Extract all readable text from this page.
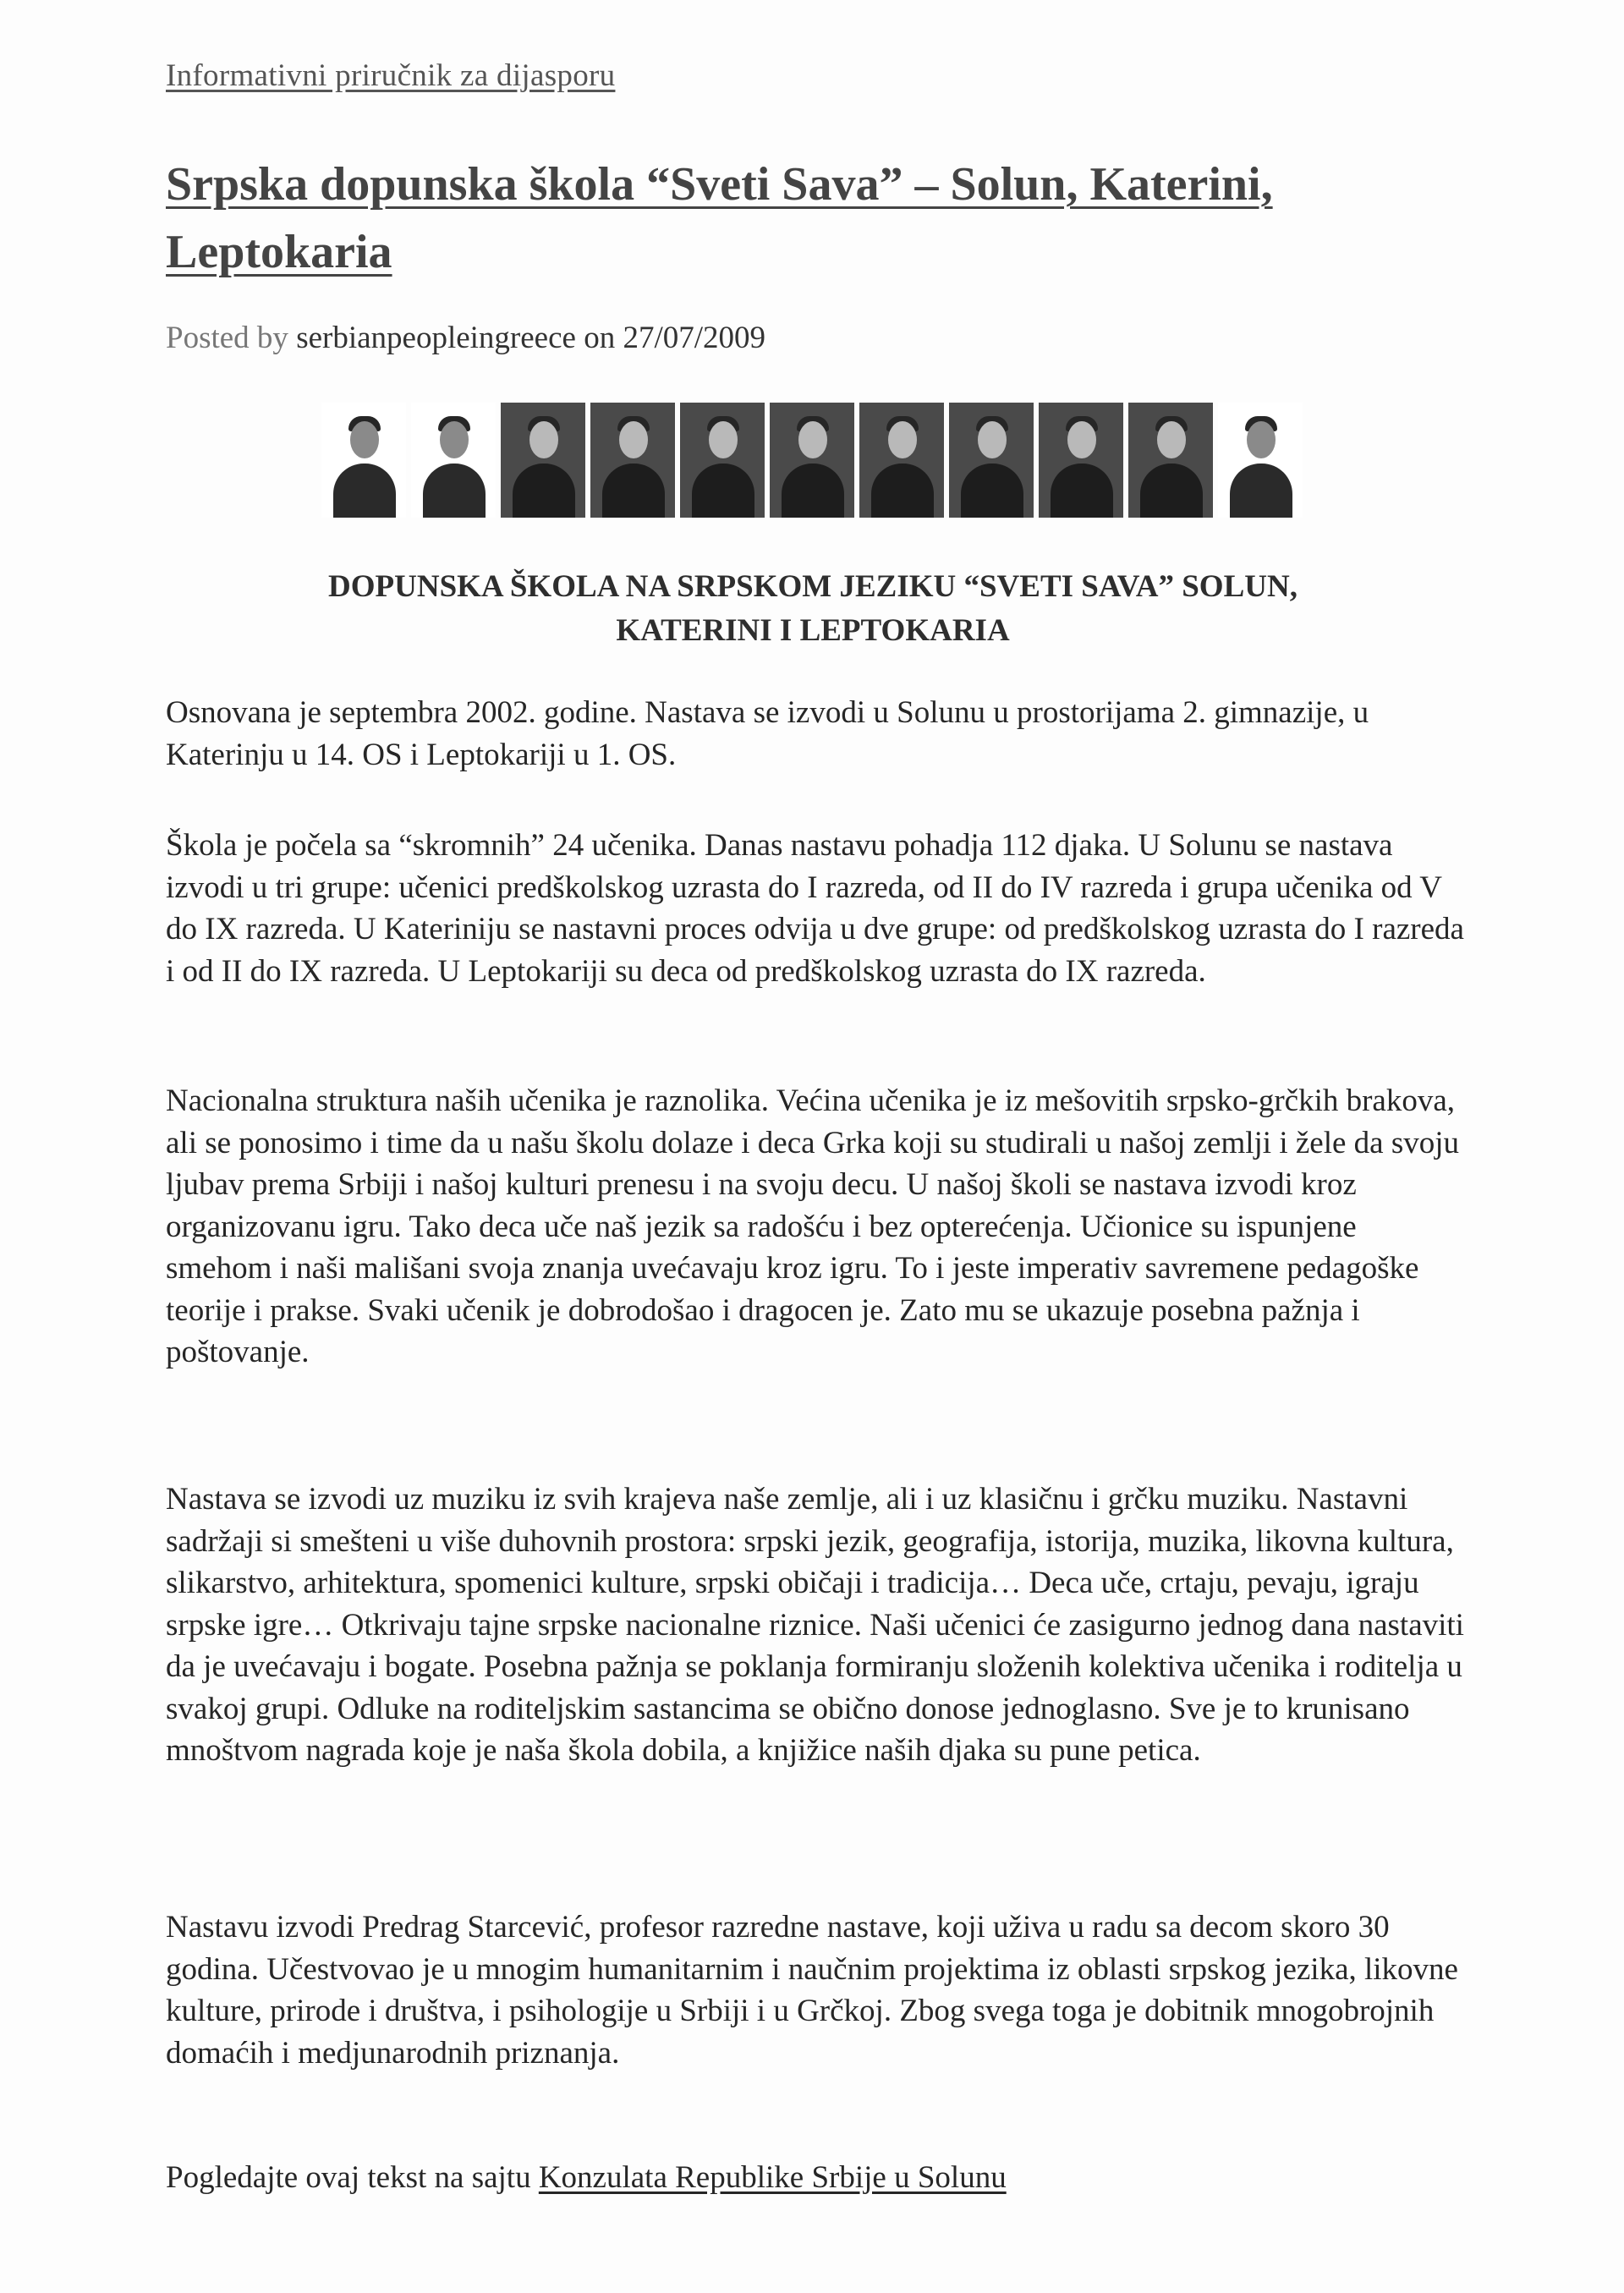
Informativni priručnik za dijasporu
Srpska dopunska škola “Sveti Sava” – Solun, Katerini, Leptokaria
Posted by serbianpeopleingreece on 27/07/2009
DOPUNSKA ŠKOLA NA SRPSKOM JEZIKU “SVETI SAVA” SOLUN,
KATERINI I LEPTOKARIA

Osnovana je septembra 2002. godine. Nastava se izvodi u Solunu u prostorijama 2. gimnazije, u Katerinju u 14. OS i Leptokariji u 1. OS.

Škola je počela sa “skromnih” 24 učenika. Danas nastavu pohadja 112 djaka. U Solunu se nastava izvodi u tri grupe: učenici predškolskog uzrasta do I razreda, od II do IV razreda i grupa učenika od V do IX razreda. U Kateriniju se nastavni proces odvija u dve grupe: od predškolskog uzrasta do I razreda i od II do IX razreda. U Leptokariji su deca od predškolskog uzrasta do IX razreda.

Nacionalna struktura naših učenika je raznolika. Većina učenika je iz mešovitih srpsko-grčkih brakova, ali se ponosimo i time da u našu školu dolaze i deca Grka koji su studirali u našoj zemlji i žele da svoju ljubav prema Srbiji i našoj kulturi prenesu i na svoju decu. U našoj školi se nastava izvodi kroz organizovanu igru. Tako deca uče naš jezik sa radošću i bez opterećenja. Učionice su ispunjene smehom i naši mališani svoja znanja uvećavaju kroz igru. To i jeste imperativ savremene pedagoške teorije i prakse. Svaki učenik je dobrodošao i dragocen je. Zato mu se ukazuje posebna pažnja i poštovanje.

Nastava se izvodi uz muziku iz svih krajeva naše zemlje, ali i uz klasičnu i grčku muziku. Nastavni sadržaji si smešteni u više duhovnih prostora: srpski jezik, geografija, istorija, muzika, likovna kultura, slikarstvo, arhitektura, spomenici kulture, srpski običaji i tradicija… Deca uče, crtaju, pevaju, igraju srpske igre… Otkrivaju tajne srpske nacionalne riznice. Naši učenici će zasigurno jednog dana nastaviti da je uvećavaju i bogate. Posebna pažnja se poklanja formiranju složenih kolektiva učenika i roditelja u svakoj grupi. Odluke na roditeljskim sastancima se obično donose jednoglasno. Sve je to krunisano mnoštvom nagrada koje je naša škola dobila, a knjižice naših djaka su pune petica.

Nastavu izvodi Predrag Starcević, profesor razredne nastave, koji uživa u radu sa decom skoro 30 godina. Učestvovao je u mnogim humanitarnim i naučnim projektima iz oblasti srpskog jezika, likovne kulture, prirode i društva, i psihologije u Srbiji i u Grčkoj. Zbog svega toga je dobitnik mnogobrojnih domaćih i medjunarodnih priznanja.

Pogledajte ovaj tekst na sajtu Konzulata Republike Srbije u Solunu
